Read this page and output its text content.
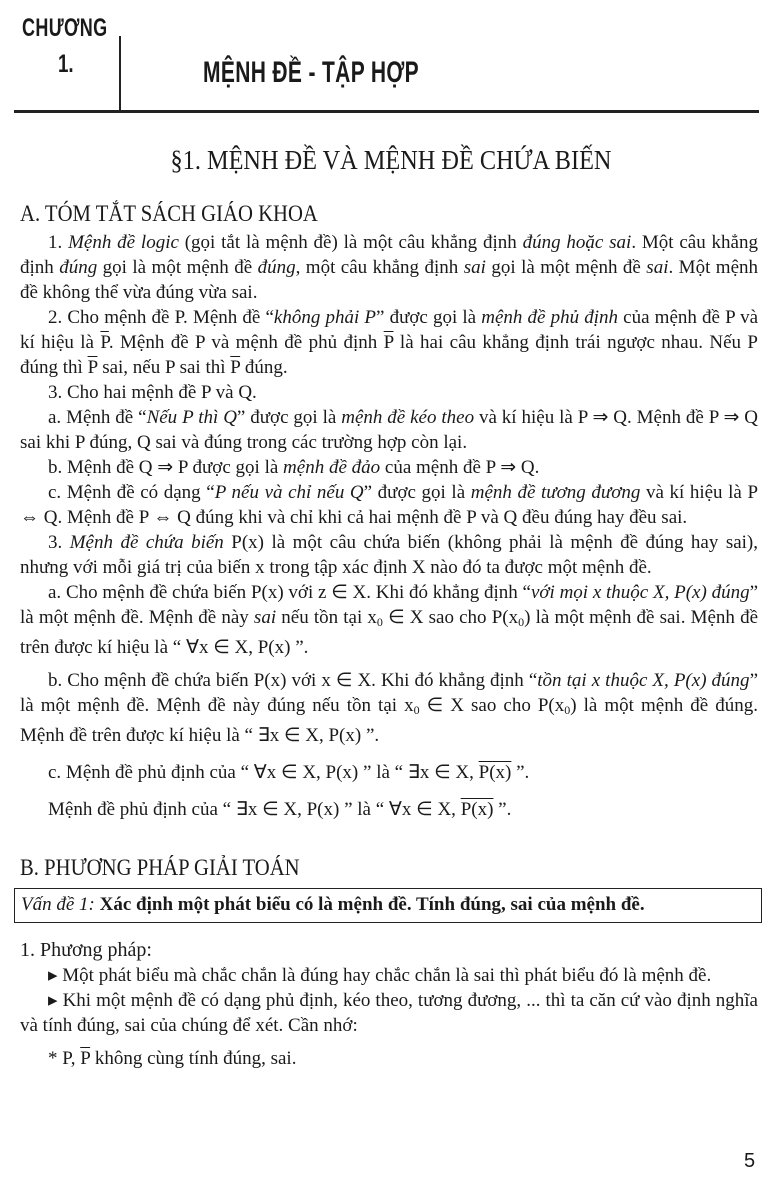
CHƯƠNG
1.	MỆNH ĐỀ - TẬP HỢP
§1. MỆNH ĐỀ VÀ MỆNH ĐỀ CHỨA BIẾN
A. TÓM TẮT SÁCH GIÁO KHOA

1. Mệnh đề logic (gọi tắt là mệnh đề) là một câu khẳng định đúng hoặc sai. Một câu khẳng định đúng gọi là một mệnh đề đúng, một câu khẳng định sai gọi là một mệnh đề sai. Một mệnh đề không thể vừa đúng vừa sai.

2. Cho mệnh đề P. Mệnh đề “không phải P” được gọi là mệnh đề phủ định của mệnh đề P và kí hiệu là $\overline{P}$. Mệnh đề P và mệnh đề phủ định $\overline{P}$ là hai câu khẳng định trái ngược nhau. Nếu P đúng thì $\overline{P}$ sai, nếu P sai thì $\overline{P}$ đúng.

3. Cho hai mệnh đề P và Q.

a. Mệnh đề “Nếu P thì Q” được gọi là mệnh đề kéo theo và kí hiệu là P ⇒ Q. Mệnh đề P ⇒ Q sai khi P đúng, Q sai và đúng trong các trường hợp còn lại.

b. Mệnh đề Q ⇒ P được gọi là mệnh đề đảo của mệnh đề P ⇒ Q.

c. Mệnh đề có dạng “P nếu và chỉ nếu Q” được gọi là mệnh đề tương đương và kí hiệu là P ⇔ Q. Mệnh đề P ⇔ Q đúng khi và chỉ khi cả hai mệnh đề P và Q đều đúng hay đều sai.

3. Mệnh đề chứa biến P(x) là một câu chứa biến (không phải là mệnh đề đúng hay sai), nhưng với mỗi giá trị của biến x trong tập xác định X nào đó ta được một mệnh đề.

a. Cho mệnh đề chứa biến P(x) với z ∈ X. Khi đó khẳng định “với mọi x thuộc X, P(x) đúng” là một mệnh đề. Mệnh đề này sai nếu tồn tại $x_0$ ∈ X sao cho $P(x_0)$ là một mệnh đề sai. Mệnh đề trên được kí hiệu là “ ∀x ∈ X, P(x) ”.

b. Cho mệnh đề chứa biến P(x) với x ∈ X. Khi đó khẳng định “tồn tại x thuộc X, P(x) đúng” là một mệnh đề. Mệnh đề này đúng nếu tồn tại $x_0$ ∈ X sao cho $P(x_0)$ là một mệnh đề đúng. Mệnh đề trên được kí hiệu là “ ∃x ∈ X, P(x) ”.

c. Mệnh đề phủ định của “ ∀x ∈ X, P(x) ” là “ ∃x ∈ X, P(x) ”.

Mệnh đề phủ định của “ ∃x ∈ X, P(x) ” là “ ∀x ∈ X, P(x) ”.

B. PHƯƠNG PHÁP GIẢI TOÁN
Vấn đề 1: Xác định một phát biểu có là mệnh đề. Tính đúng, sai của mệnh đề.
1. Phương pháp:

▸ Một phát biểu mà chắc chắn là đúng hay chắc chắn là sai thì phát biểu đó là mệnh đề.

▸ Khi một mệnh đề có dạng phủ định, kéo theo, tương đương, ... thì ta căn cứ vào định nghĩa và tính đúng, sai của chúng để xét. Cần nhớ:

* P, $\overline{P}$ không cùng tính đúng, sai.

5
